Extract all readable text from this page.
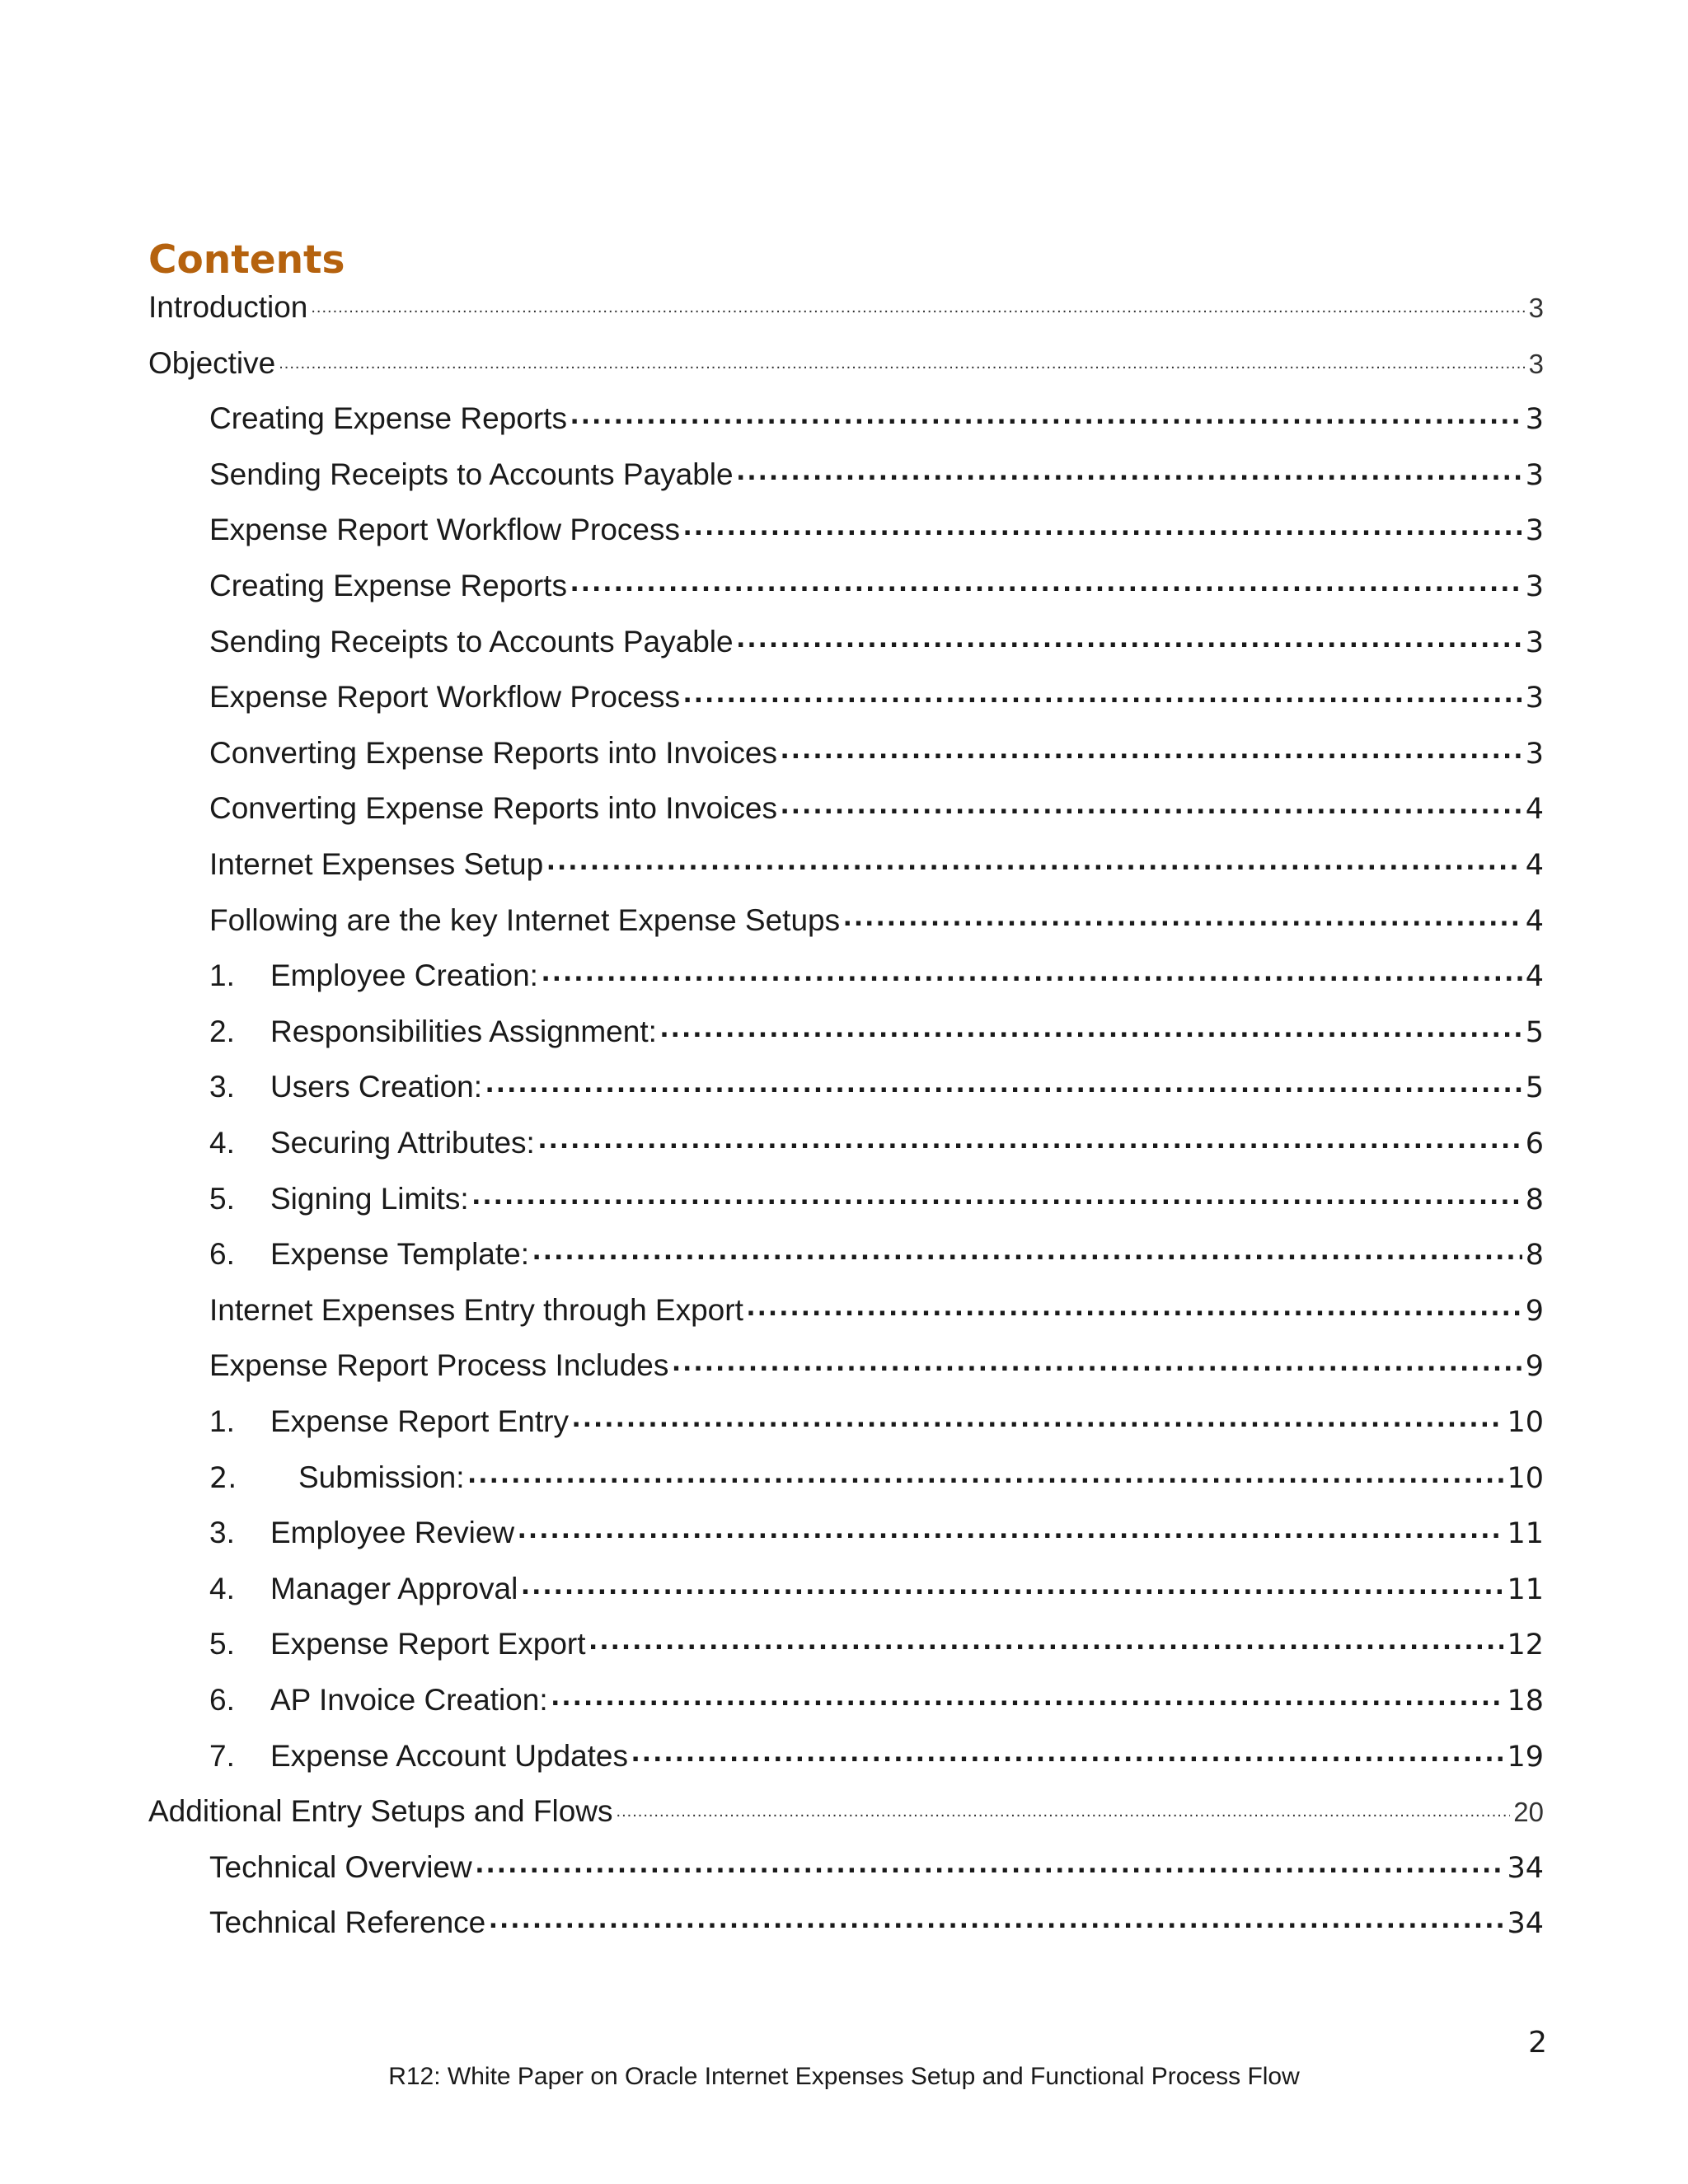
Contents
Introduction .....	3
Objective .....	3
Creating Expense Reports .....	3
Sending Receipts to Accounts Payable .....	3
Expense Report Workflow Process .....	3
Creating Expense Reports .....	3
Sending Receipts to Accounts Payable .....	3
Expense Report Workflow Process .....	3
Converting Expense Reports into Invoices .....	3
Converting Expense Reports into Invoices .....	4
Internet Expenses Setup .....	4
Following are the key Internet Expense Setups .....	4
1.	Employee Creation: .....	4
2.	Responsibilities Assignment: .....	5
3.	Users Creation: .....	5
4.	Securing Attributes: .....	6
5.	Signing Limits: .....	8
6.	Expense Template: .....	8
Internet Expenses Entry through Export .....	9
Expense Report Process Includes .....	9
1.	Expense Report Entry .....	10
2.	Submission: .....	10
3.	Employee Review .....	11
4.	Manager Approval .....	11
5.	Expense Report Export .....	12
6.	AP Invoice Creation: .....	18
7.	Expense Account Updates .....	19
Additional Entry Setups and Flows .....	20
Technical Overview .....	34
Technical Reference .....	34
2
R12: White Paper on Oracle Internet Expenses Setup and Functional Process Flow
